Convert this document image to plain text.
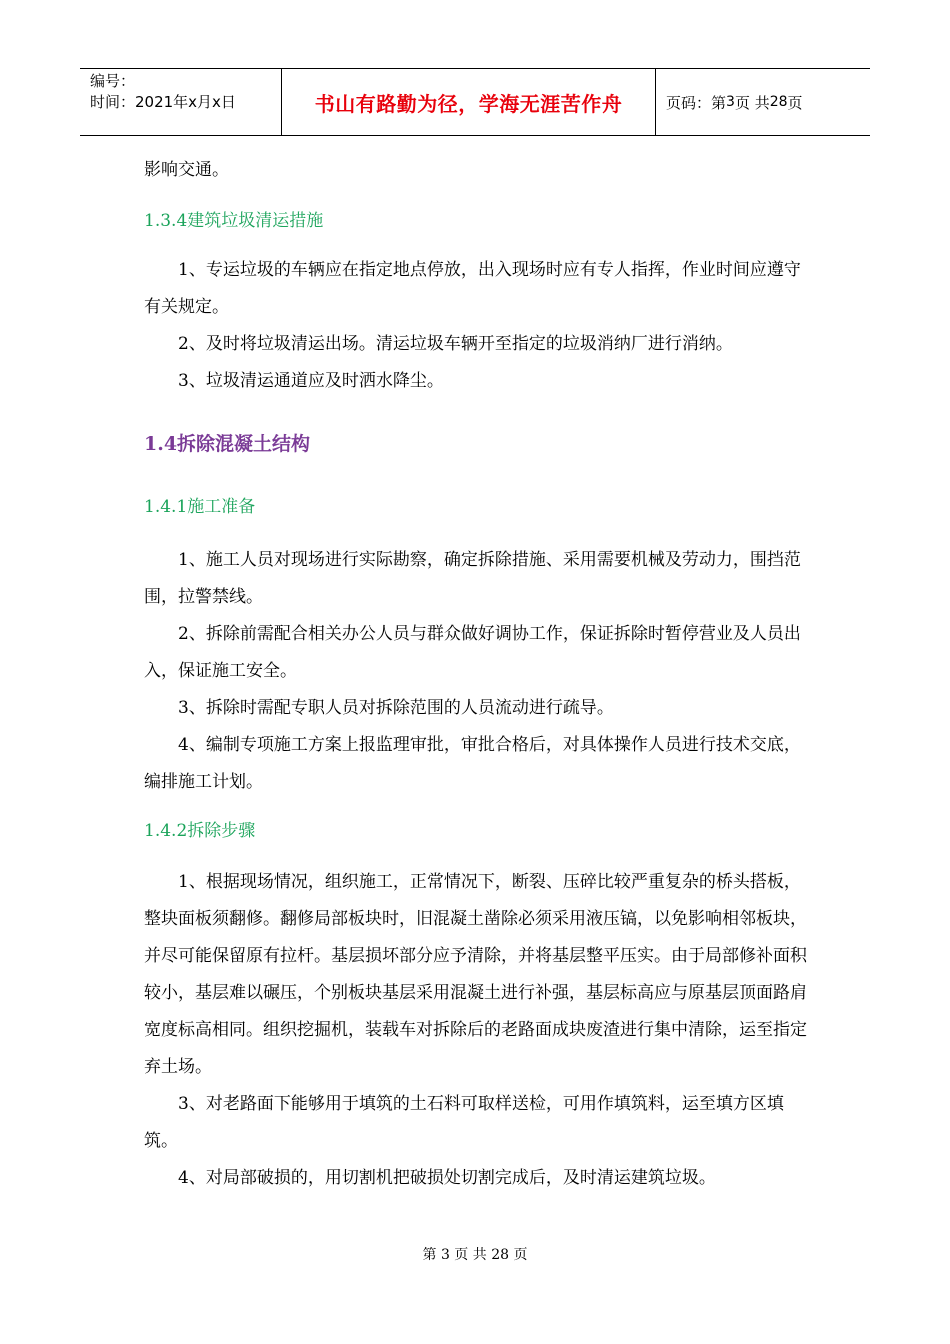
编号：
时间：2021年x月x日	书山有路勤为径，学海无涯苦作舟	页码：第 3 页 共 28 页

影响交通。

1.3.4建筑垃圾清运措施

1、专运垃圾的车辆应在指定地点停放，出入现场时应有专人指挥，作业时间应遵守有关规定。

2、及时将垃圾清运出场。清运垃圾车辆开至指定的垃圾消纳厂进行消纳。

3、垃圾清运通道应及时洒水降尘。

1.4拆除混凝土结构
1.4.1施工准备

1、施工人员对现场进行实际勘察，确定拆除措施、采用需要机械及劳动力，围挡范围，拉警禁线。

2、拆除前需配合相关办公人员与群众做好调协工作，保证拆除时暂停营业及人员出入，保证施工安全。

3、拆除时需配专职人员对拆除范围的人员流动进行疏导。

4、编制专项施工方案上报监理审批，审批合格后，对具体操作人员进行技术交底，编排施工计划。

1.4.2拆除步骤

1、根据现场情况，组织施工，正常情况下，断裂、压碎比较严重复杂的桥头搭板，整块面板须翻修。翻修局部板块时，旧混凝土凿除必须采用液压镐，以免影响相邻板块，并尽可能保留原有拉杆。基层损坏部分应予清除，并将基层整平压实。由于局部修补面积较小，基层难以碾压，个别板块基层采用混凝土进行补强，基层标高应与原基层顶面路肩宽度标高相同。组织挖掘机，装载车对拆除后的老路面成块废渣进行集中清除，运至指定弃土场。

3、对老路面下能够用于填筑的土石料可取样送检，可用作填筑料，运至填方区填筑。

4、对局部破损的，用切割机把破损处切割完成后，及时清运建筑垃圾。

第 3 页 共 28 页
